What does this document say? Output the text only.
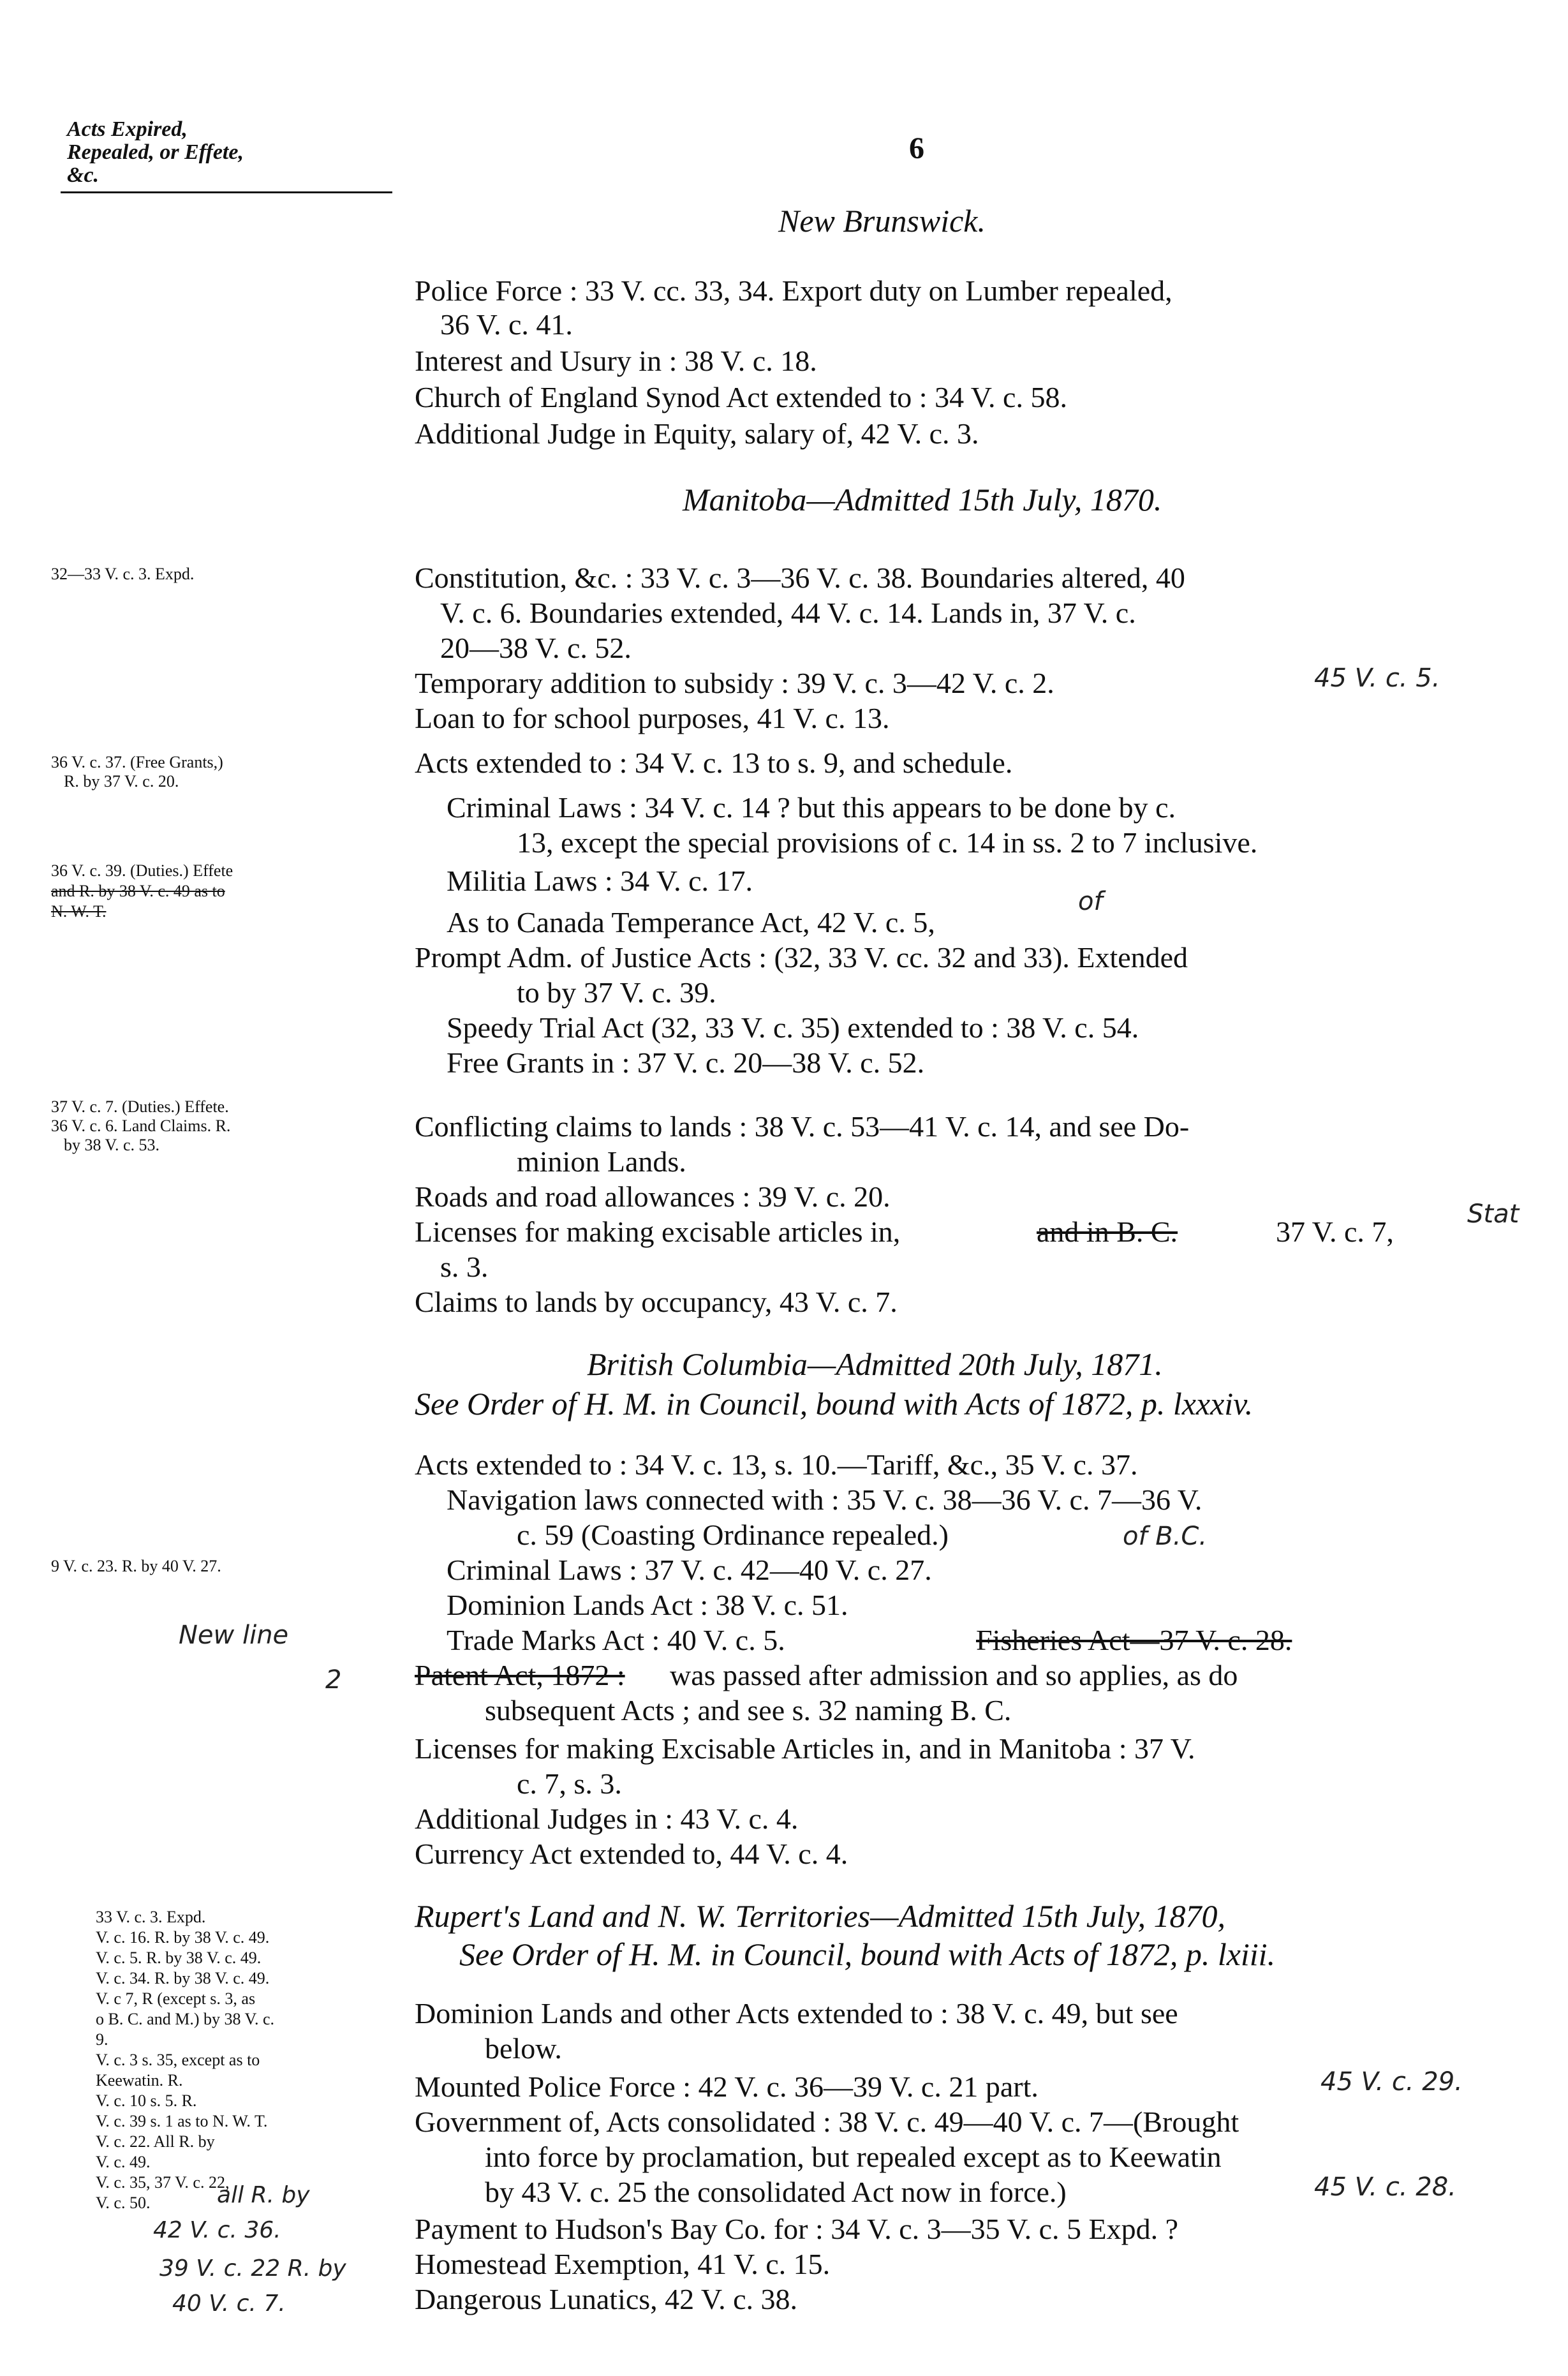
Acts Expired, Repealed, or Effete, &c.
6
New Brunswick.
Police Force : 33 V. cc. 33, 34. Export duty on Lumber repealed,
36 V. c. 41.
Interest and Usury in : 38 V. c. 18.
Church of England Synod Act extended to : 34 V. c. 58.
Additional Judge in Equity, salary of, 42 V. c. 3.
Manitoba—Admitted 15th July, 1870.
32—33 V. c. 3. Expd.	Constitution, &c. : 33 V. c. 3—36 V. c. 38. Boundaries altered, 40
V. c. 6. Boundaries extended, 44 V. c. 14. Lands in, 37 V. c.
20—38 V. c. 52.
Temporary addition to subsidy : 39 V. c. 3—42 V. c. 2.	45 V. c. 5.
Loan to for school purposes, 41 V. c. 13.
36 V. c. 37. (Free Grants,)
R. by 37 V. c. 20.
Acts extended to : 34 V. c. 13 to s. 9, and schedule.
Criminal Laws : 34 V. c. 14 ? but this appears to be done by c.
13, except the special provisions of c. 14 in ss. 2 to 7 inclusive.
36 V. c. 39. (Duties.) Effete
and R. by 38 V. c. 49 as to
N. W. T.
Militia Laws : 34 V. c. 17.
of
As to Canada Temperance Act, 42 V. c. 5,
Prompt Adm. of Justice Acts : (32, 33 V. cc. 32 and 33). Extended
to by 37 V. c. 39.
Speedy Trial Act (32, 33 V. c. 35) extended to : 38 V. c. 54.
Free Grants in : 37 V. c. 20—38 V. c. 52.
37 V. c. 7. (Duties.) Effete.
36 V. c. 6. Land Claims. R.
by 38 V. c. 53.
Conflicting claims to lands : 38 V. c. 53—41 V. c. 14, and see Do-
minion Lands.
Roads and road allowances : 39 V. c. 20.
Licenses for making excisable articles in,	and in B. C.	37 V. c. 7,
Stat
s. 3.
Claims to lands by occupancy, 43 V. c. 7.
British Columbia—Admitted 20th July, 1871.
See Order of H. M. in Council, bound with Acts of 1872, p. lxxxiv.
Acts extended to : 34 V. c. 13, s. 10.—Tariff, &c., 35 V. c. 37.
Navigation laws connected with : 35 V. c. 38—36 V. c. 7—36 V.
c. 59 (Coasting Ordinance repealed.)	of B.C.
9 V. c. 23. R. by 40 V. 27.	Criminal Laws : 37 V. c. 42—40 V. c. 27.
Dominion Lands Act : 38 V. c. 51.
New line	Trade Marks Act : 40 V. c. 5.	Fisheries Act—37 V. c. 28.
2 Patent Act, 1872 : was passed after admission and so applies, as do
subsequent Acts ; and see s. 32 naming B. C.
Licenses for making Excisable Articles in, and in Manitoba : 37 V.
c. 7, s. 3.
Additional Judges in : 43 V. c. 4.
Currency Act extended to, 44 V. c. 4.
33 V. c. 3. Expd.
V. c. 16. R. by 38 V. c. 49.
V. c. 5. R. by 38 V. c. 49.
V. c. 34. R. by 38 V. c. 49.
V. c 7, R (except s. 3, as
o B. C. and M.) by 38 V. c.
9.
V. c. 3 s. 35, except as to
Keewatin. R.
V. c. 10 s. 5. R.
V. c. 39 s. 1 as to N. W. T.
V. c. 22. All R. by
V. c. 49.
V. c. 35, 37 V. c. 22,
V. c. 50.
Rupert's Land and N. W. Territories—Admitted 15th July, 1870,
See Order of H. M. in Council, bound with Acts of 1872, p. lxiii.
Dominion Lands and other Acts extended to : 38 V. c. 49, but see
below.
Mounted Police Force : 42 V. c. 36—39 V. c. 21 part.	45 V. c. 29.
Government of, Acts consolidated : 38 V. c. 49—40 V. c. 7—(Brought
into force by proclamation, but repealed except as to Keewatin
by 43 V. c. 25 the consolidated Act now in force.)	45 V. c. 28.
Payment to Hudson's Bay Co. for : 34 V. c. 3—35 V. c. 5 Expd. ?
Homestead Exemption, 41 V. c. 15.
Dangerous Lunatics, 42 V. c. 38.
all R. by
42 V. c. 36.
39 V. c. 22 R. by
40 V. c. 7.
